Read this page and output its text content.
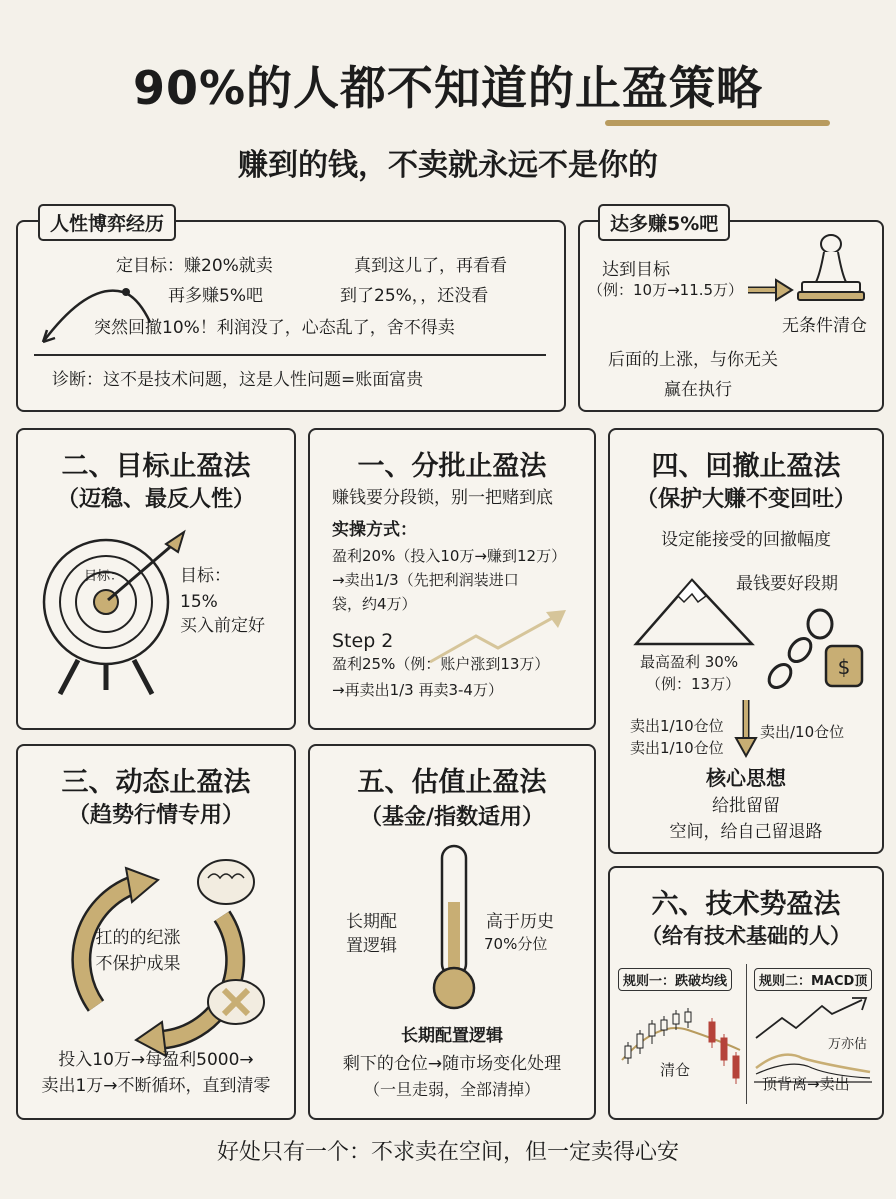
90%的人都不知道的止盈策略
赚到的钱，不卖就永远不是你的
定目标：赚20%就卖
再多赚5%吧
真到这儿了，再看看
到了25%，，还没看
突然回撤10%！利润没了，心态乱了，舍不得卖
诊断：这不是技术问题，这是人性问题=账面富贵
人性博弈经历
达到目标
（例：10万→11.5万）
无条件清仓
后面的上涨，与你无关
赢在执行
达多赚5%吧
二、目标止盈法
（迈稳、最反人性）
目标：	目标：
15%
买入前定好
一、分批止盈法
赚钱要分段锁，别一把赌到底
实操方式：
盈利20%（投入10万→赚到12万）
→卖出1/3（先把利润装进口
袋，约4万）
Step 2
盈利25%（例：账户涨到13万）
→再卖出1/3 再卖3-4万）
四、回撤止盈法
（保护大赚不变回吐）
设定能接受的回撤幅度
最钱要好段期
$
最高盈利 30%
（例：13万）
卖出1/10仓位
卖出1/10仓位
卖出/10仓位
核心思想
给批留留
空间，给自己留退路
三、动态止盈法
（趋势行情专用）
扛的的纪涨
不保护成果
投入10万→每盈利5000→
卖出1万→不断循环，直到清零
五、估值止盈法
（基金/指数适用）
长期配
置逻辑
高于历史
70%分位
长期配置逻辑
剩下的仓位→随市场变化处理
（一旦走弱，全部清掉）
六、技术势盈法
（给有技术基础的人）
规则一：跌破均线	规则二：MACD顶
清仓
万亦估
顶背离→卖出
好处只有一个：不求卖在空间，但一定卖得心安
